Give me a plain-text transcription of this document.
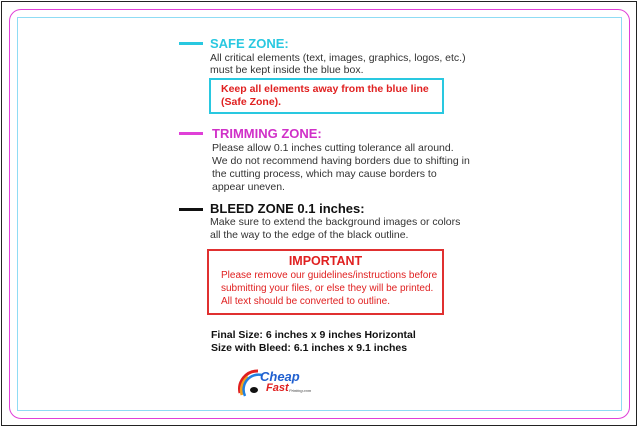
SAFE ZONE:
All critical elements (text, images, graphics, logos, etc.)
must be kept inside the blue box.
Keep all elements away from the blue line
(Safe Zone).
TRIMMING ZONE:
Please allow 0.1 inches cutting tolerance all around.
We do not recommend having borders due to shifting in
the cutting process, which may cause borders to
appear uneven.
BLEED ZONE 0.1 inches:
Make sure to extend the background images or colors
all the way to the edge of the black outline.
IMPORTANT
Please remove our guidelines/instructions before
submitting your files, or else they will be printed.
All text should be converted to outline.
Final Size: 6 inches x 9 inches Horizontal
Size with Bleed: 6.1 inches x 9.1 inches
Cheap
Fast Printing.com
